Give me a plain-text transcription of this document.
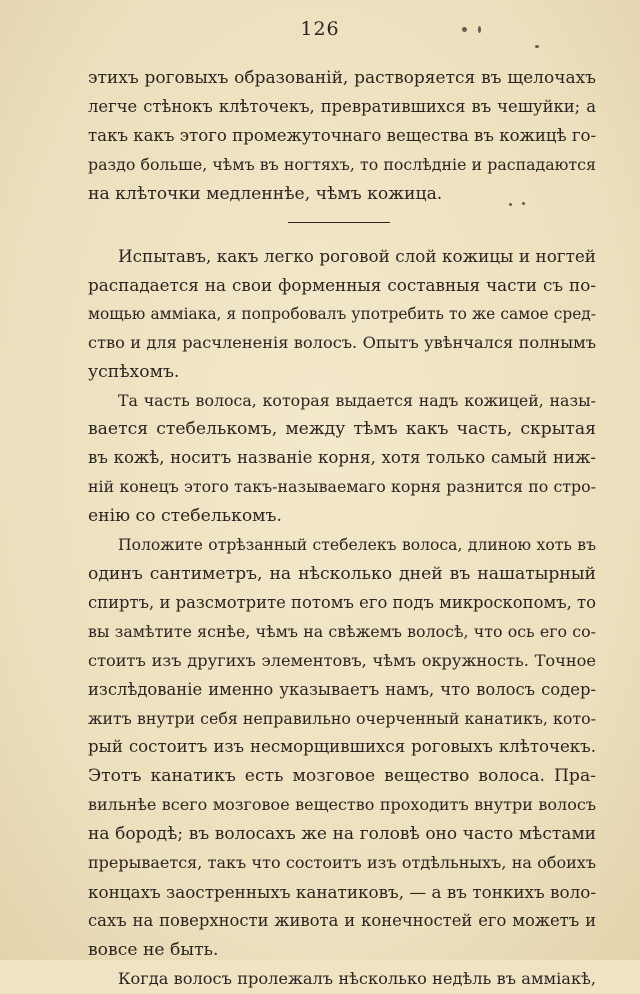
126
этихъ роговыхъ образованій, растворяется въ щелочахъ
легче стѣнокъ клѣточекъ, превратившихся въ чешуйки; а
такъ какъ этого промежуточнаго вещества въ кожицѣ го-
раздо больше, чѣмъ въ ногтяхъ, то послѣдніе и распадаются
на клѣточки медленнѣе, чѣмъ кожица.
Испытавъ, какъ легко роговой слой кожицы и ногтей
распадается на свои форменныя составныя части съ по-
мощью амміака, я попробовалъ употребить то же самое сред-
ство и для расчлененія волосъ. Опытъ увѣнчался полнымъ
успѣхомъ.
Та часть волоса, которая выдается надъ кожицей, назы-
вается стебелькомъ, между тѣмъ какъ часть, скрытая
въ кожѣ, носитъ названіе корня, хотя только самый ниж-
ній конецъ этого такъ-называемаго корня разнится по стро-
енію со стебелькомъ.
Положите отрѣзанный стебелекъ волоса, длиною хоть въ
одинъ сантиметръ, на нѣсколько дней въ нашатырный
спиртъ, и разсмотрите потомъ его подъ микроскопомъ, то
вы замѣтите яснѣе, чѣмъ на свѣжемъ волосѣ, что ось его со-
стоитъ изъ другихъ элементовъ, чѣмъ окружность. Точное
изслѣдованіе именно указываетъ намъ, что волосъ содер-
житъ внутри себя неправильно очерченный канатикъ, кото-
рый состоитъ изъ несморщившихся роговыхъ клѣточекъ.
Этотъ канатикъ есть мозговое вещество волоса. Пра-
вильнѣе всего мозговое вещество проходитъ внутри волосъ
на бородѣ; въ волосахъ же на головѣ оно часто мѣстами
прерывается, такъ что состоитъ изъ отдѣльныхъ, на обоихъ
концахъ заостренныхъ канатиковъ, — а въ тонкихъ воло-
сахъ на поверхности живота и конечностей его можетъ и
вовсе не быть.
Когда волосъ пролежалъ нѣсколько недѣль въ амміакѣ,
